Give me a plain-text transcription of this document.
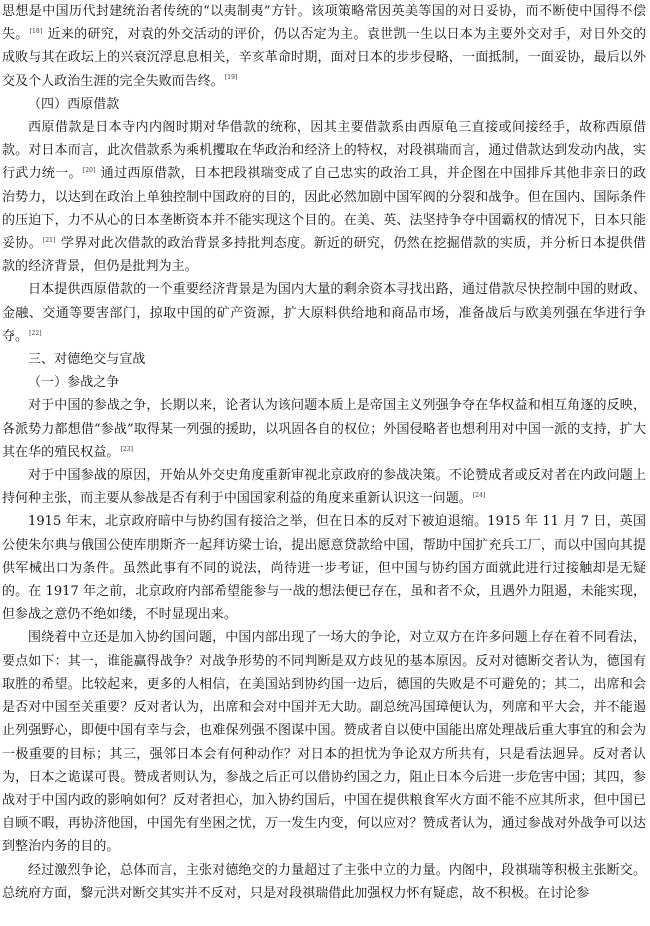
思想是中国历代封建统治者传统的“以夷制夷”方针。该项策略常因英美等国的对日妥协，而不断使中国得不偿失。[18] 近来的研究，对袁的外交活动的评价，仍以否定为主。袁世凯一生以日本为主要外交对手，对日外交的成败与其在政坛上的兴衰沉浮息息相关，辛亥革命时期，面对日本的步步侵略，一面抵制，一面妥协，最后以外交及个人政治生涯的完全失败而告终。[19]

（四）西原借款

西原借款是日本寺内内阁时期对华借款的统称，因其主要借款系由西原龟三直接或间接经手，故称西原借款。对日本而言，此次借款系为乘机攫取在华政治和经济上的特权，对段祺瑞而言，通过借款达到发动内战，实行武力统一。[20] 通过西原借款，日本把段祺瑞变成了自己忠实的政治工具，并企图在中国排斥其他非亲日的政治势力，以达到在政治上单独控制中国政府的目的，因此必然加剧中国军阀的分裂和战争。但在国内、国际条件的压迫下，力不从心的日本垄断资本并不能实现这个目的。在美、英、法坚持争夺中国霸权的情况下，日本只能妥协。[21] 学界对此次借款的政治背景多持批判态度。新近的研究，仍然在挖掘借款的实质，并分析日本提供借款的经济背景，但仍是批判为主。

日本提供西原借款的一个重要经济背景是为国内大量的剩余资本寻找出路，通过借款尽快控制中国的财政、金融、交通等要害部门，掠取中国的矿产资源，扩大原料供给地和商品市场，准备战后与欧美列强在华进行争夺。[22]

三、对德绝交与宣战

（一）参战之争

对于中国的参战之争，长期以来，论者认为该问题本质上是帝国主义列强争夺在华权益和相互角逐的反映，各派势力都想借“参战”取得某一列强的援助，以巩固各自的权位；外国侵略者也想利用对中国一派的支持，扩大其在华的殖民权益。[23]

对于中国参战的原因，开始从外交史角度重新审视北京政府的参战决策。不论赞成者或反对者在内政问题上持何种主张，而主要从参战是否有利于中国国家利益的角度来重新认识这一问题。[24]

1915 年末，北京政府暗中与协约国有接洽之举，但在日本的反对下被迫退缩。1915 年 11 月 7 日，英国公使朱尔典与俄国公使库朋斯齐一起拜访梁士诒，提出愿意贷款给中国，帮助中国扩充兵工厂，而以中国向其提供军械出口为条件。虽然此事有不同的说法，尚待进一步考证，但中国与协约国方面就此进行过接触却是无疑的。在 1917 年之前，北京政府内部希望能参与一战的想法便已存在，虽和者不众，且遇外力阻遏，未能实现，但参战之意仍不绝如缕，不时显现出来。

围绕着中立还是加入协约国问题，中国内部出现了一场大的争论，对立双方在许多问题上存在着不同看法，要点如下：其一，谁能赢得战争？对战争形势的不同判断是双方歧见的基本原因。反对对德断交者认为，德国有取胜的希望。比较起来，更多的人相信，在美国站到协约国一边后，德国的失败是不可避免的；其二，出席和会是否对中国至关重要？反对者认为，出席和会对中国并无大助。副总统冯国璋便认为，列席和平大会，并不能遏止列强野心，即便中国有幸与会，也难保列强不图谋中国。赞成者自以使中国能出席处理战后重大事宜的和会为一极重要的目标；其三，强邻日本会有何种动作？对日本的担忧为争论双方所共有，只是看法迥异。反对者认为，日本之诡谋可畏。赞成者则认为，参战之后正可以借协约国之力，阻止日本今后进一步危害中国；其四，参战对于中国内政的影响如何？反对者担心，加入协约国后，中国在提供粮食军火方面不能不应其所求，但中国已自顾不暇，再协济他国，中国先有坐困之忧，万一发生内变，何以应对？赞成者认为，通过参战对外战争可以达到整治内务的目的。

经过激烈争论，总体而言，主张对德绝交的力量超过了主张中立的力量。内阁中，段祺瑞等积极主张断交。总统府方面，黎元洪对断交其实并不反对，只是对段祺瑞借此加强权力怀有疑虑，故不积极。在讨论参
